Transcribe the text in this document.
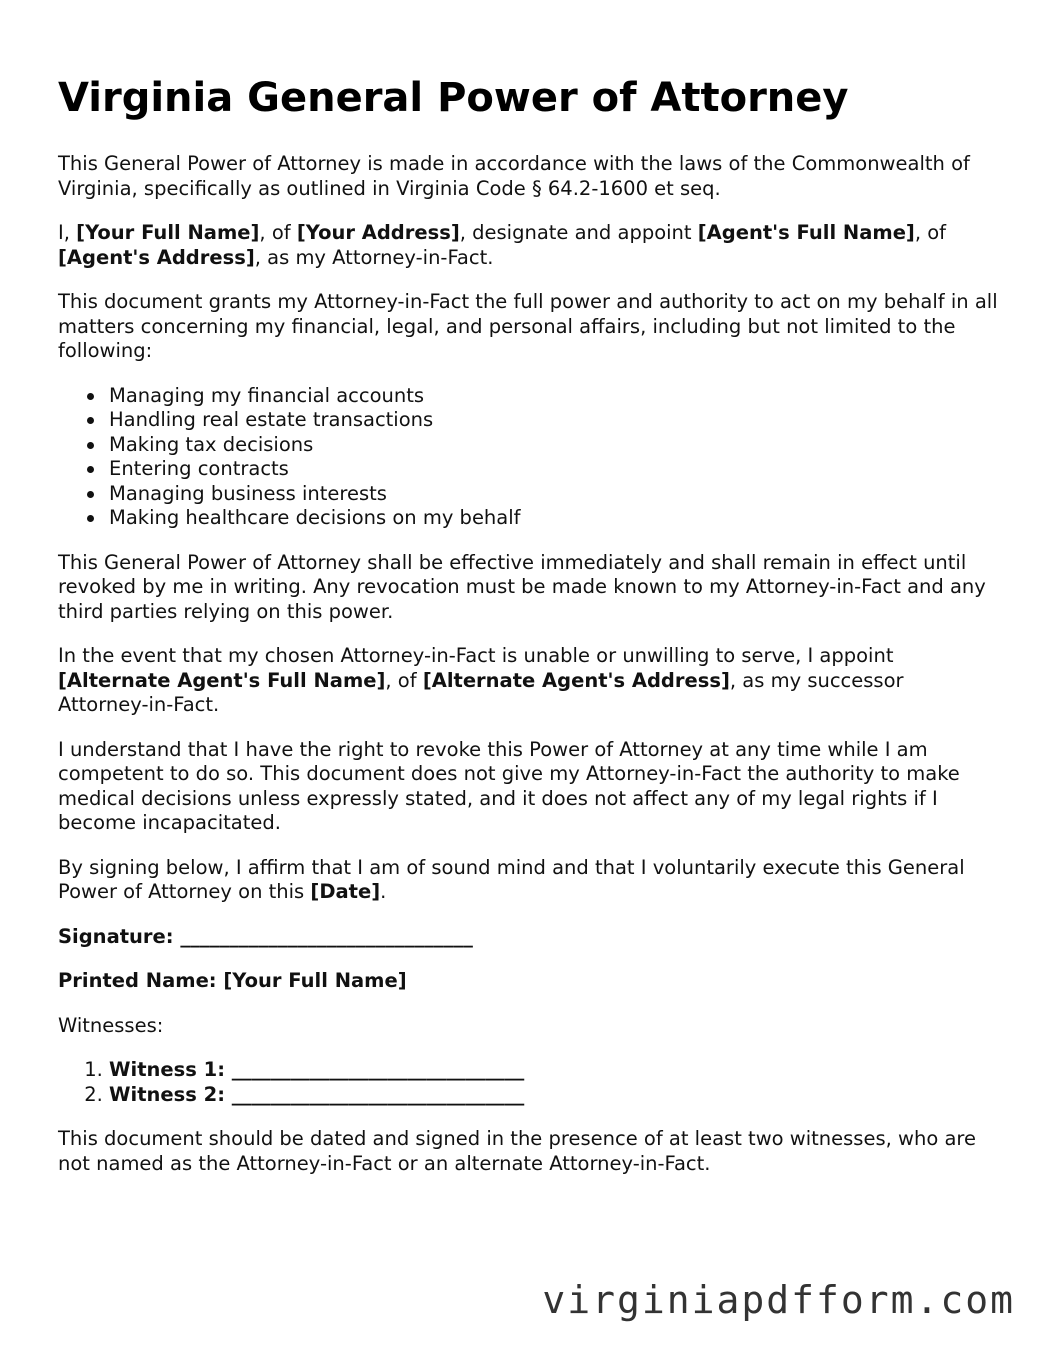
Virginia General Power of Attorney

This General Power of Attorney is made in accordance with the laws of the Commonwealth of Virginia, specifically as outlined in Virginia Code § 64.2-1600 et seq.

I, [Your Full Name], of [Your Address], designate and appoint [Agent's Full Name], of [Agent's Address], as my Attorney-in-Fact.

This document grants my Attorney-in-Fact the full power and authority to act on my behalf in all matters concerning my financial, legal, and personal affairs, including but not limited to the following:

Managing my financial accounts
Handling real estate transactions
Making tax decisions
Entering contracts
Managing business interests
Making healthcare decisions on my behalf

This General Power of Attorney shall be effective immediately and shall remain in effect until revoked by me in writing. Any revocation must be made known to my Attorney-in-Fact and any third parties relying on this power.

In the event that my chosen Attorney-in-Fact is unable or unwilling to serve, I appoint [Alternate Agent's Full Name], of [Alternate Agent's Address], as my successor Attorney-in-Fact.

I understand that I have the right to revoke this Power of Attorney at any time while I am competent to do so. This document does not give my Attorney-in-Fact the authority to make medical decisions unless expressly stated, and it does not affect any of my legal rights if I become incapacitated.

By signing below, I affirm that I am of sound mind and that I voluntarily execute this General Power of Attorney on this [Date].

Signature: ______________________________

Printed Name: [Your Full Name]

Witnesses:

1. Witness 1: ______________________________
2. Witness 2: ______________________________

This document should be dated and signed in the presence of at least two witnesses, who are not named as the Attorney-in-Fact or an alternate Attorney-in-Fact.

virginiapdfform.com
